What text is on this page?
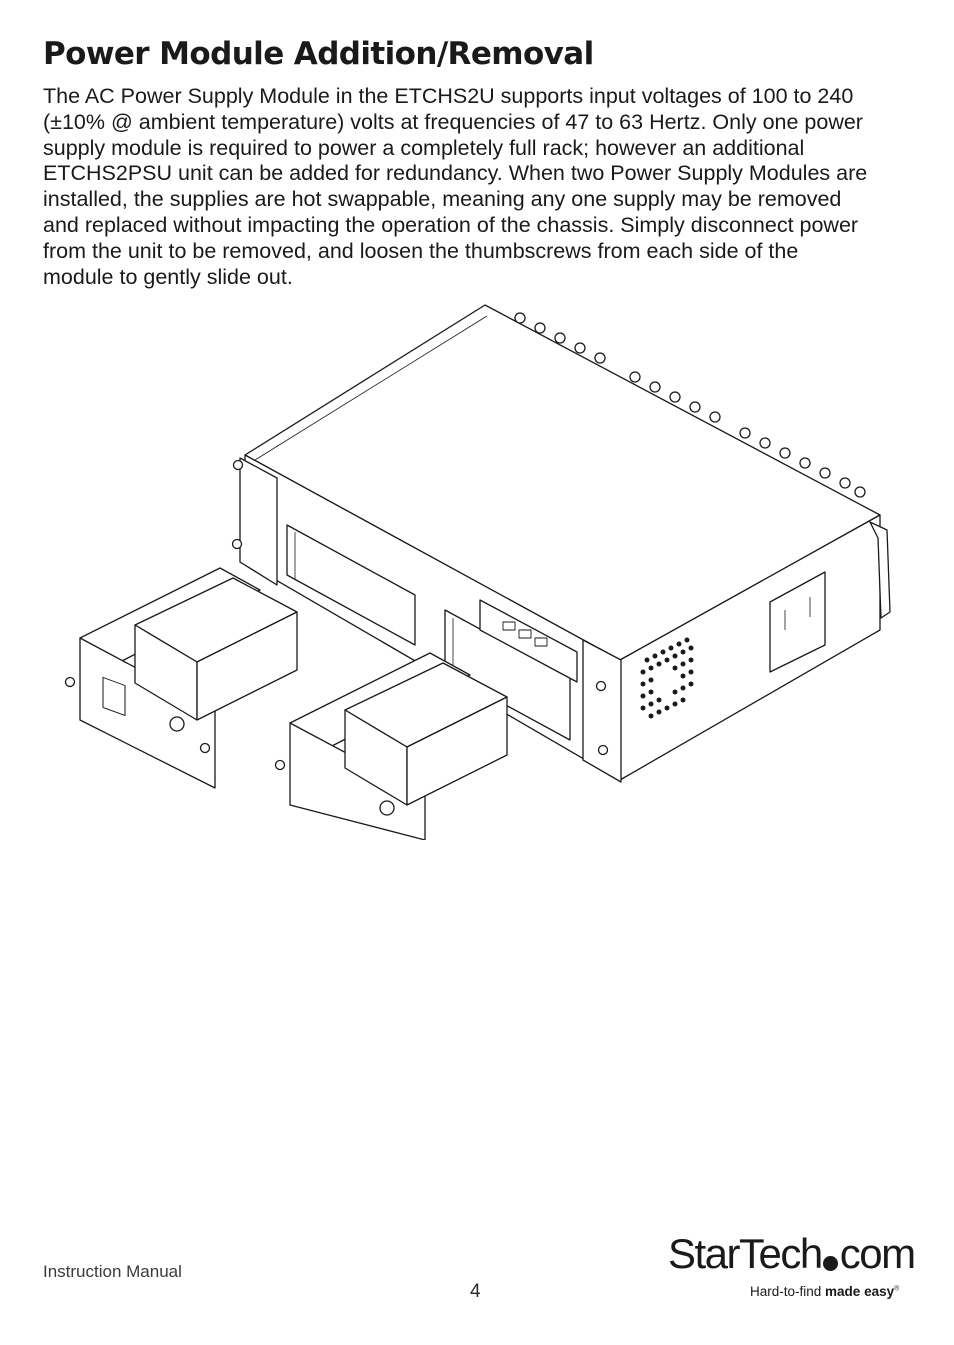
Power Module Addition/Removal

The AC Power Supply Module in the ETCHS2U supports input voltages of 100 to 240
(±10% @ ambient temperature) volts at frequencies of 47 to 63 Hertz. Only one power
supply module is required to power a completely full rack; however an additional
ETCHS2PSU unit can be added for redundancy. When two Power Supply Modules are
installed, the supplies are hot swappable, meaning any one supply may be removed
and replaced without impacting the operation of the chassis. Simply disconnect power
from the unit to be removed, and loosen the thumbscrews from each side of the
module to gently slide out.

Instruction Manual
4
StarTech com
Hard-to-find made easy®
